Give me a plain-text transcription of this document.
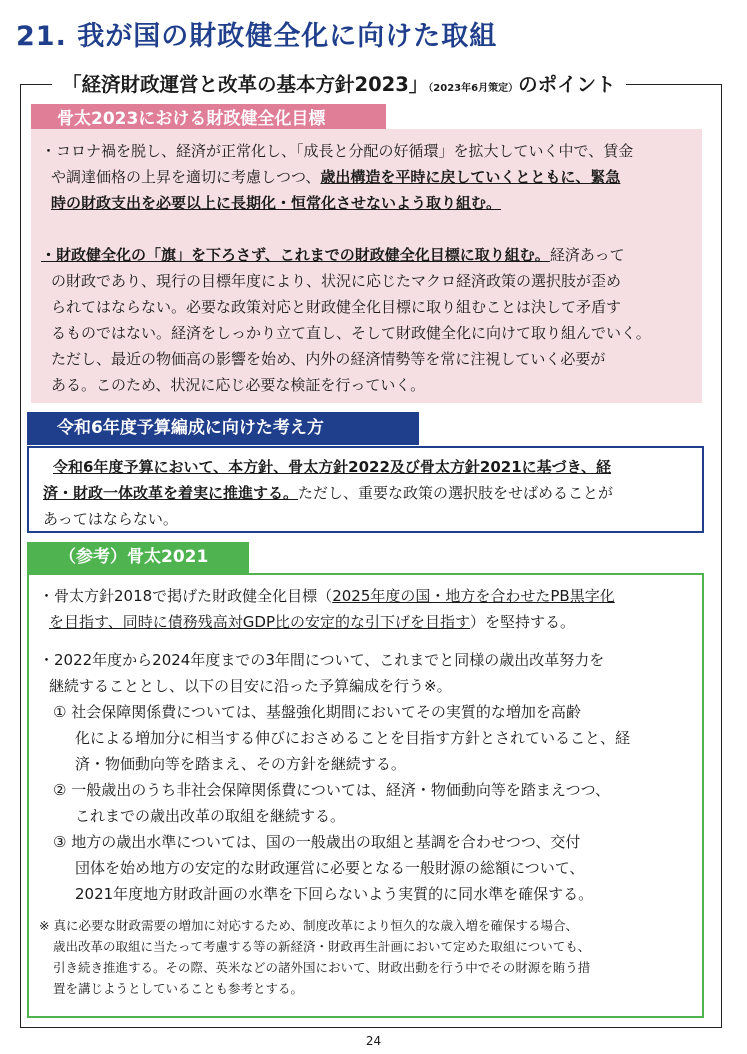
21. 我が国の財政健全化に向けた取組
「経済財政運営と改革の基本方針2023」（2023年6月策定）のポイント
骨太2023における財政健全化目標

・コロナ禍を脱し、経済が正常化し、「成長と分配の好循環」を拡大していく中で、賃金
や調達価格の上昇を適切に考慮しつつ、歳出構造を平時に戻していくとともに、緊急
時の財政支出を必要以上に長期化・恒常化させないよう取り組む。

・財政健全化の「旗」を下ろさず、これまでの財政健全化目標に取り組む。経済あって
の財政であり、現行の目標年度により、状況に応じたマクロ経済政策の選択肢が歪め
られてはならない。必要な政策対応と財政健全化目標に取り組むことは決して矛盾す
るものではない。経済をしっかり立て直し、そして財政健全化に向けて取り組んでいく。
ただし、最近の物価高の影響を始め、内外の経済情勢等を常に注視していく必要が
ある。このため、状況に応じ必要な検証を行っていく。

令和6年度予算編成に向けた考え方

令和6年度予算において、本方針、骨太方針2022及び骨太方針2021に基づき、経
済・財政一体改革を着実に推進する。ただし、重要な政策の選択肢をせばめることが
あってはならない。

（参考）骨太2021

・骨太方針2018で掲げた財政健全化目標（2025年度の国・地方を合わせたPB黒字化
を目指す、同時に債務残高対GDP比の安定的な引下げを目指す）を堅持する。

・2022年度から2024年度までの3年間について、これまでと同様の歳出改革努力を
継続することとし、以下の目安に沿った予算編成を行う※。

① 社会保障関係費については、基盤強化期間においてその実質的な増加を高齢
化による増加分に相当する伸びにおさめることを目指す方針とされていること、経
済・物価動向等を踏まえ、その方針を継続する。

② 一般歳出のうち非社会保障関係費については、経済・物価動向等を踏まえつつ、
これまでの歳出改革の取組を継続する。

③ 地方の歳出水準については、国の一般歳出の取組と基調を合わせつつ、交付
団体を始め地方の安定的な財政運営に必要となる一般財源の総額について、
2021年度地方財政計画の水準を下回らないよう実質的に同水準を確保する。

※ 真に必要な財政需要の増加に対応するため、制度改革により恒久的な歳入増を確保する場合、
歳出改革の取組に当たって考慮する等の新経済・財政再生計画において定めた取組についても、
引き続き推進する。その際、英米などの諸外国において、財政出動を行う中でその財源を賄う措
置を講じようとしていることも参考とする。

24
